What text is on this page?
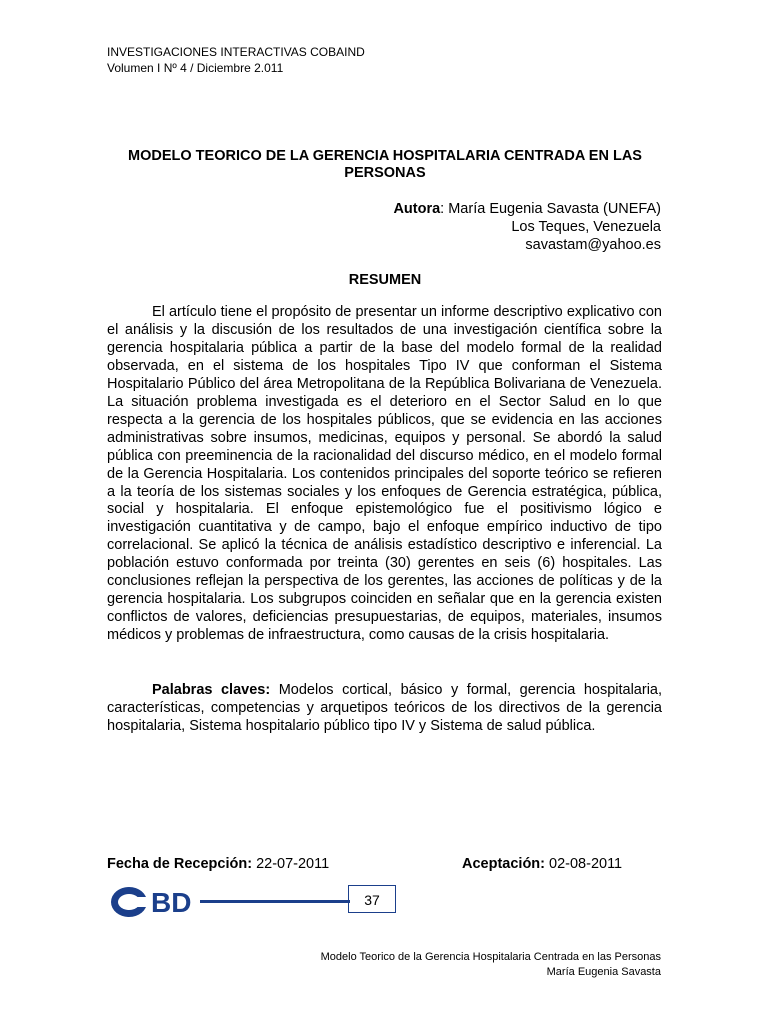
INVESTIGACIONES INTERACTIVAS COBAIND
Volumen I Nº 4 / Diciembre 2.011
MODELO TEORICO DE LA GERENCIA HOSPITALARIA CENTRADA EN LAS PERSONAS
Autora: María Eugenia Savasta (UNEFA)
Los Teques, Venezuela
savastam@yahoo.es
RESUMEN

El artículo tiene el propósito de presentar un informe descriptivo explicativo con el análisis y la discusión de los resultados de una investigación científica sobre la gerencia hospitalaria pública a partir de la base del modelo formal de la realidad observada, en el sistema de los hospitales Tipo IV que conforman el Sistema Hospitalario Público del área Metropolitana de la República Bolivariana de Venezuela. La situación problema investigada es el deterioro en el Sector Salud en lo que respecta a la gerencia de los hospitales públicos, que se evidencia en las acciones administrativas sobre insumos, medicinas, equipos y personal. Se abordó la salud pública con preeminencia de la racionalidad del discurso médico, en el modelo formal de la Gerencia Hospitalaria. Los contenidos principales del soporte teórico se refieren a la teoría de los sistemas sociales y los enfoques de Gerencia estratégica, pública, social y hospitalaria. El enfoque epistemológico fue el positivismo lógico e investigación cuantitativa y de campo, bajo el enfoque empírico inductivo de tipo correlacional. Se aplicó la técnica de análisis estadístico descriptivo e inferencial. La población estuvo conformada por treinta (30) gerentes en seis (6) hospitales. Las conclusiones reflejan la perspectiva de los gerentes, las acciones de políticas y de la gerencia hospitalaria. Los subgrupos coinciden en señalar que en la gerencia existen conflictos de valores, deficiencias presupuestarias, de equipos, materiales, insumos médicos y problemas de infraestructura, como causas de la crisis hospitalaria.

Palabras claves: Modelos cortical, básico y formal, gerencia hospitalaria, características, competencias y arquetipos teóricos de los directivos de la gerencia hospitalaria, Sistema hospitalario público tipo IV y Sistema de salud pública.

Fecha de Recepción: 22-07-2011	Aceptación: 02-08-2011
BD	37
Modelo Teorico de la Gerencia Hospitalaria Centrada en las Personas
María Eugenia Savasta
